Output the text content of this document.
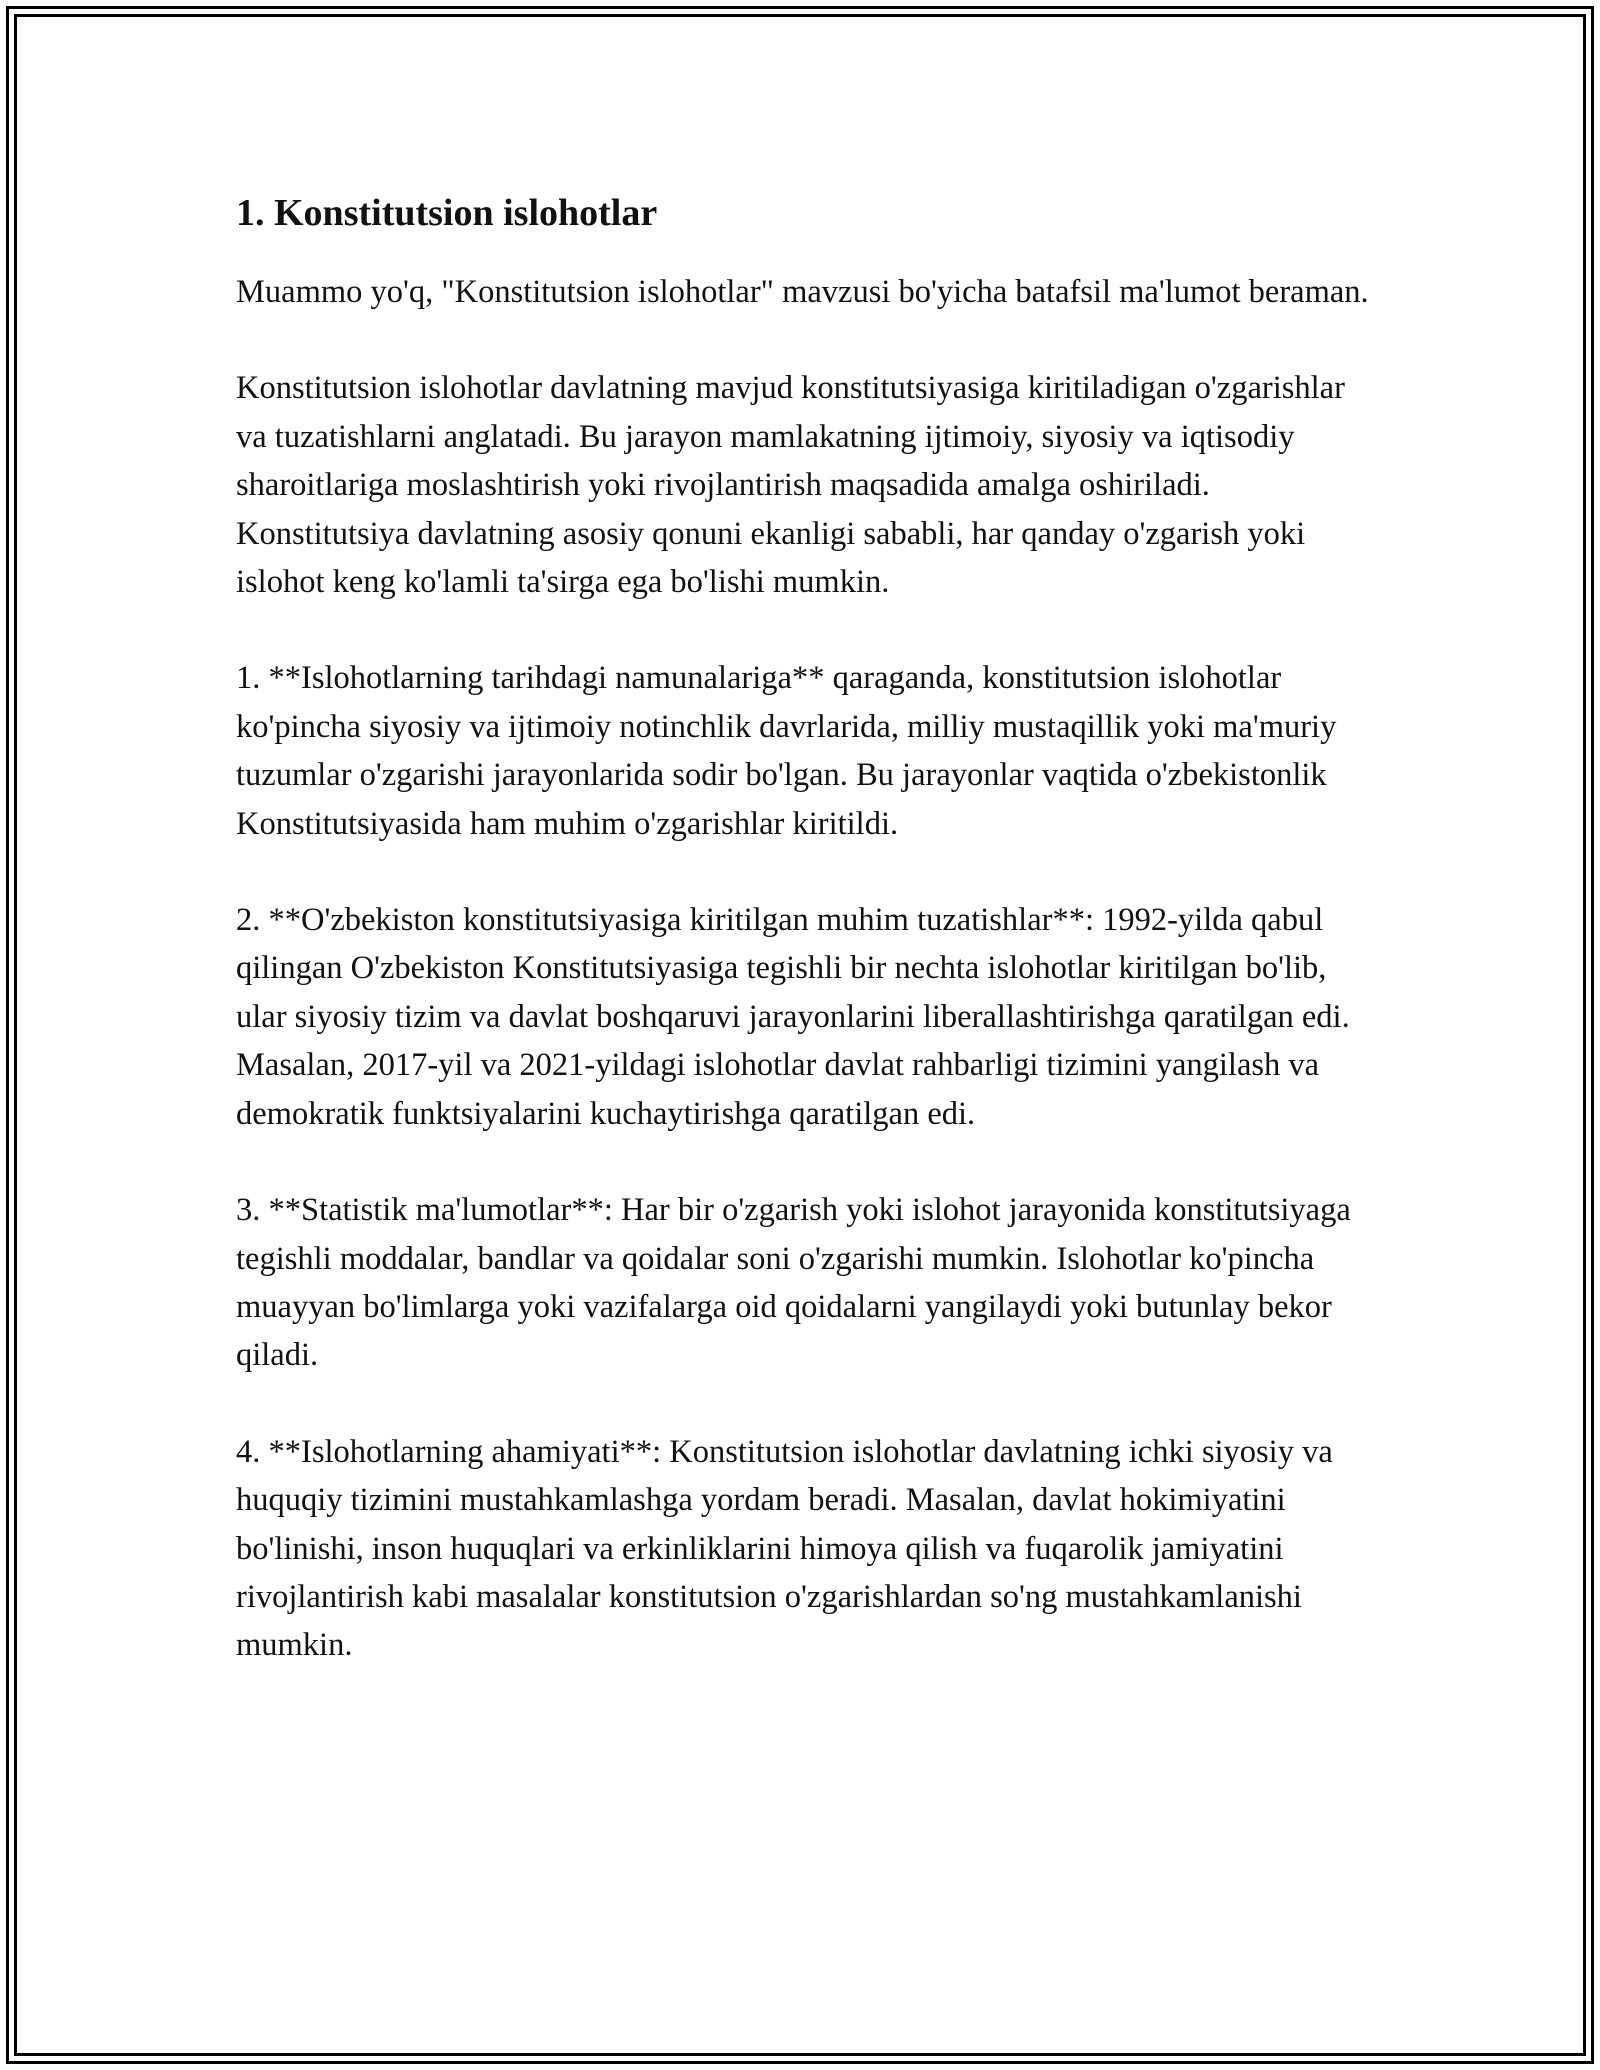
1. Konstitutsion islohotlar

Muammo yo'q, "Konstitutsion islohotlar" mavzusi bo'yicha batafsil ma'lumot beraman.

Konstitutsion islohotlar davlatning mavjud konstitutsiyasiga kiritiladigan o'zgarishlar va tuzatishlarni anglatadi. Bu jarayon mamlakatning ijtimoiy, siyosiy va iqtisodiy sharoitlariga moslashtirish yoki rivojlantirish maqsadida amalga oshiriladi. Konstitutsiya davlatning asosiy qonuni ekanligi sababli, har qanday o'zgarish yoki islohot keng ko'lamli ta'sirga ega bo'lishi mumkin.

1. **Islohotlarning tarihdagi namunalariga** qaraganda, konstitutsion islohotlar ko'pincha siyosiy va ijtimoiy notinchlik davrlarida, milliy mustaqillik yoki ma'muriy tuzumlar o'zgarishi jarayonlarida sodir bo'lgan. Bu jarayonlar vaqtida o'zbekistonlik Konstitutsiyasida ham muhim o'zgarishlar kiritildi.

2. **O'zbekiston konstitutsiyasiga kiritilgan muhim tuzatishlar**: 1992-yilda qabul qilingan O'zbekiston Konstitutsiyasiga tegishli bir nechta islohotlar kiritilgan bo'lib, ular siyosiy tizim va davlat boshqaruvi jarayonlarini liberallashtirishga qaratilgan edi. Masalan, 2017-yil va 2021-yildagi islohotlar davlat rahbarligi tizimini yangilash va demokratik funktsiyalarini kuchaytirishga qaratilgan edi.

3. **Statistik ma'lumotlar**: Har bir o'zgarish yoki islohot jarayonida konstitutsiyaga tegishli moddalar, bandlar va qoidalar soni o'zgarishi mumkin. Islohotlar ko'pincha muayyan bo'limlarga yoki vazifalarga oid qoidalarni yangilaydi yoki butunlay bekor qiladi.

4. **Islohotlarning ahamiyati**: Konstitutsion islohotlar davlatning ichki siyosiy va huquqiy tizimini mustahkamlashga yordam beradi. Masalan, davlat hokimiyatini bo'linishi, inson huquqlari va erkinliklarini himoya qilish va fuqarolik jamiyatini rivojlantirish kabi masalalar konstitutsion o'zgarishlardan so'ng mustahkamlanishi mumkin.
